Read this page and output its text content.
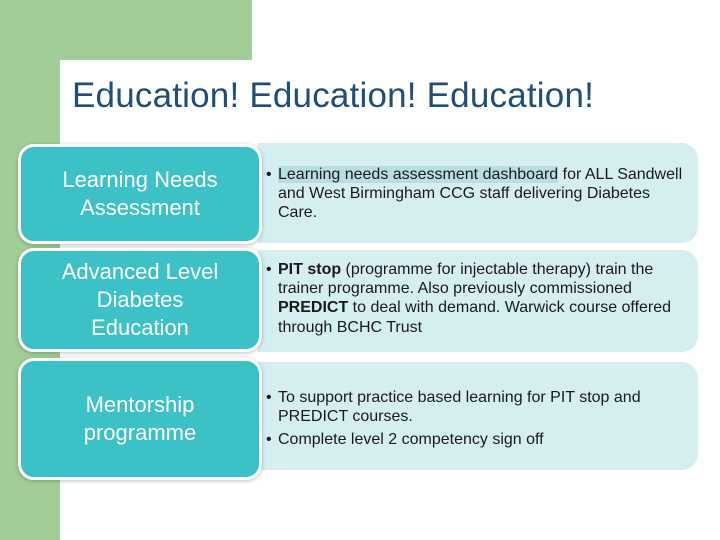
Education! Education! Education!
• Learning needs assessment dashboard for ALL Sandwell and West Birmingham CCG staff delivering Diabetes Care.
Learning Needs
Assessment
• PIT stop (programme for injectable therapy) train the trainer programme. Also previously commissioned PREDICT to deal with demand. Warwick course offered through BCHC Trust
Advanced Level
Diabetes
Education
• To support practice based learning for PIT stop and PREDICT courses.
• Complete level 2 competency sign off
Mentorship
programme
